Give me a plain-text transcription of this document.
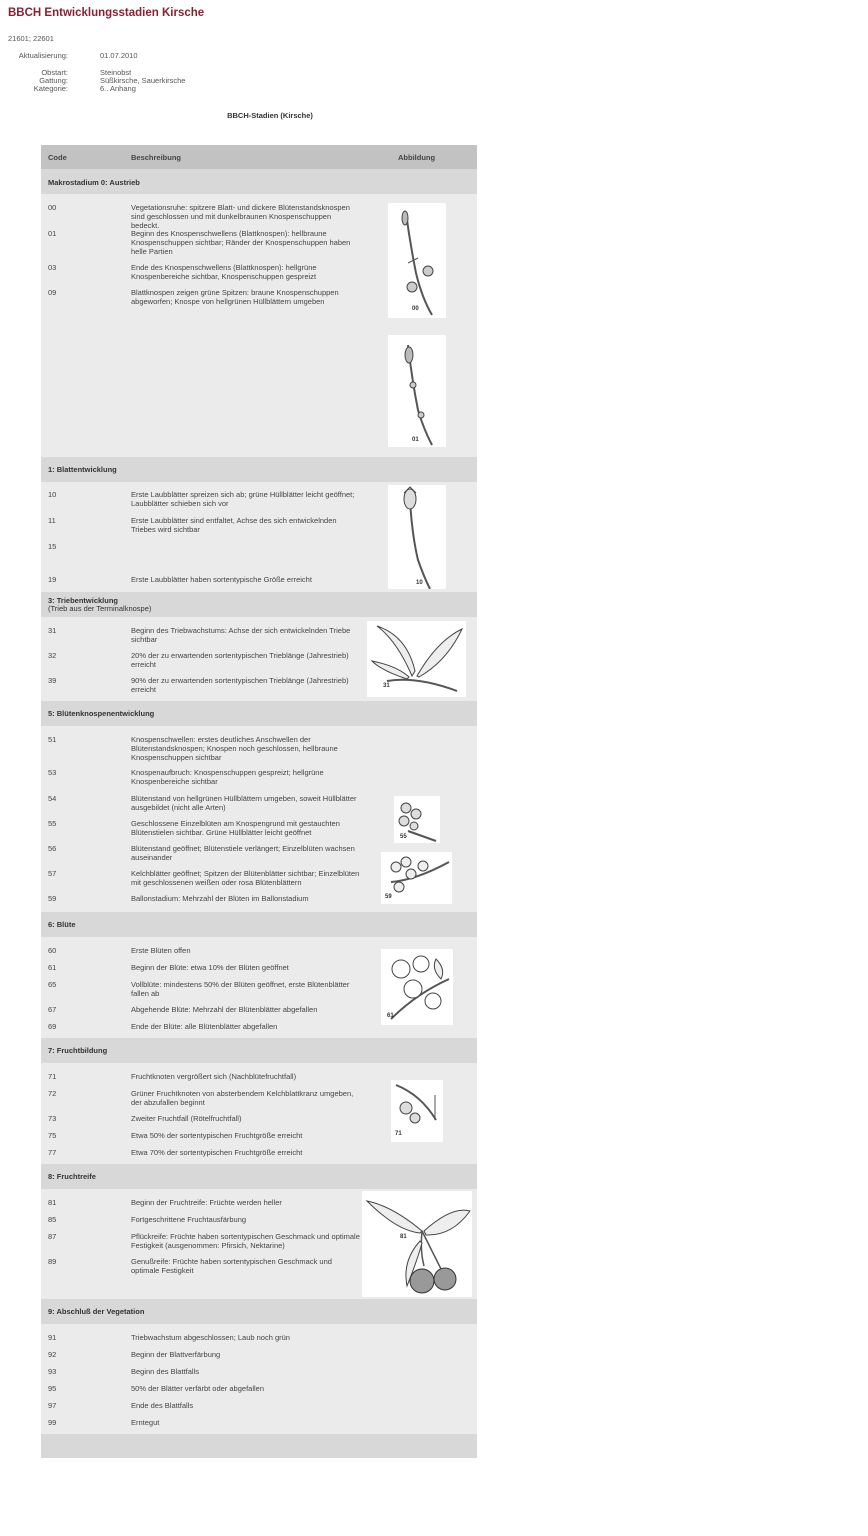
BBCH Entwicklungsstadien Kirsche
21601; 22601
Aktualisierung:	01.07.2010
Obstart:	Steinobst
Gattung:	Süßkirsche, Sauerkirsche
Kategorie:	6.. Anhang
BBCH-Stadien (Kirsche)
Code	Beschreibung	Abbildung
Makrostadium 0: Austrieb
00	Vegetationsruhe: spitzere Blatt- und dickere Blütenstandsknospen sind geschlossen und mit dunkelbraunen Knospenschuppen bedeckt.
01	Beginn des Knospenschwellens (Blattknospen): hellbraune Knospenschuppen sichtbar; Ränder der Knospenschuppen haben helle Partien
03	Ende des Knospenschwellens (Blattknospen): hellgrüne Knospenbereiche sichtbar, Knospenschuppen gespreizt
09	Blattknospen zeigen grüne Spitzen: braune Knospenschuppen abgeworfen; Knospe von hellgrünen Hüllblättern umgeben
00
01
1: Blattentwicklung
10	Erste Laubblätter spreizen sich ab; grüne Hüllblätter leicht geöffnet; Laubblätter schieben sich vor
11	Erste Laubblätter sind entfaltet, Achse des sich entwickelnden Triebes wird sichtbar
15
19	Erste Laubblätter haben sortentypische Größe erreicht	10
3: Triebentwicklung
(Trieb aus der Terminalknospe)
31	Beginn des Triebwachstums: Achse der sich entwickelnden Triebe sichtbar
32	20% der zu erwartenden sortentypischen Trieblänge (Jahrestrieb) erreicht
39	90% der zu erwartenden sortentypischen Trieblänge (Jahrestrieb) erreicht	31
5: Blütenknospenentwicklung
51	Knospenschwellen: erstes deutliches Anschwellen der Blütenstandsknospen; Knospen noch geschlossen, hellbraune Knospenschuppen sichtbar
53	Knospenaufbruch: Knospenschuppen gespreizt; hellgrüne Knospenbereiche sichtbar
54	Blütenstand von hellgrünen Hüllblättern umgeben, soweit Hüllblätter ausgebildet (nicht alle Arten)
55	Geschlossene Einzelblüten am Knospengrund mit gestauchten Blütenstielen sichtbar. Grüne Hüllblätter leicht geöffnet
56	Blütenstand geöffnet; Blütenstiele verlängert; Einzelblüten wachsen auseinander
57	Kelchblätter geöffnet; Spitzen der Blütenblätter sichtbar; Einzelblüten mit geschlossenen weißen oder rosa Blütenblättern
59	Ballonstadium: Mehrzahl der Blüten im Ballonstadium
55
59
6: Blüte
60	Erste Blüten offen
61	Beginn der Blüte: etwa 10% der Blüten geöffnet
65	Vollblüte: mindestens 50% der Blüten geöffnet, erste Blütenblätter fallen ab
67	Abgehende Blüte: Mehrzahl der Blütenblätter abgefallen
69	Ende der Blüte: alle Blütenblätter abgefallen
61
7: Fruchtbildung
71	Fruchtknoten vergrößert sich (Nachblütefruchtfall)
72	Grüner Fruchtknoten von absterbendem Kelchblattkranz umgeben, der abzufallen beginnt
73	Zweiter Fruchtfall (Rötelfruchtfall)
75	Etwa 50% der sortentypischen Fruchtgröße erreicht
77	Etwa 70% der sortentypischen Fruchtgröße erreicht
71
8: Fruchtreife
81	Beginn der Fruchtreife: Früchte werden heller
85	Fortgeschrittene Fruchtausfärbung
87	Pflückreife: Früchte haben sortentypischen Geschmack und optimale Festigkeit (ausgenommen: Pfirsich, Nektarine)
89	Genußreife: Früchte haben sortentypischen Geschmack und optimale Festigkeit
81
9: Abschluß der Vegetation
91	Triebwachstum abgeschlossen; Laub noch grün
92	Beginn der Blattverfärbung
93	Beginn des Blattfalls
95	50% der Blätter verfärbt oder abgefallen
97	Ende des Blattfalls
99	Erntegut
